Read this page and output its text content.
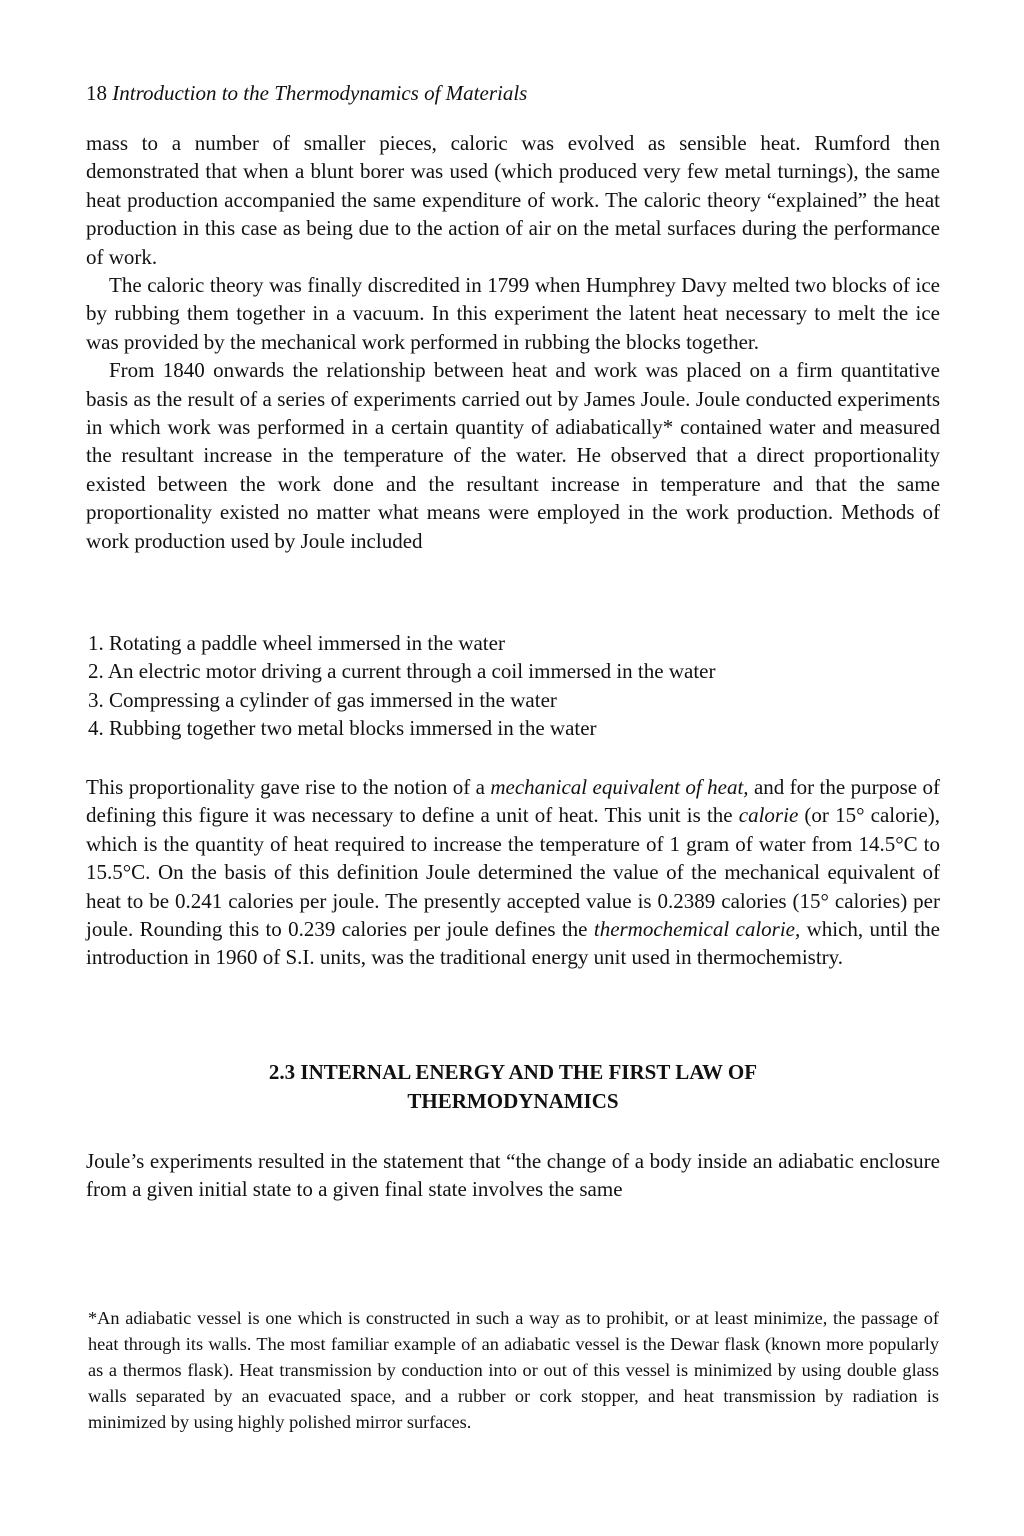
18 Introduction to the Thermodynamics of Materials

mass to a number of smaller pieces, caloric was evolved as sensible heat. Rumford then demonstrated that when a blunt borer was used (which produced very few metal turnings), the same heat production accompanied the same expenditure of work. The caloric theory “explained” the heat production in this case as being due to the action of air on the metal surfaces during the performance of work.

The caloric theory was finally discredited in 1799 when Humphrey Davy melted two blocks of ice by rubbing them together in a vacuum. In this experiment the latent heat necessary to melt the ice was provided by the mechanical work performed in rubbing the blocks together.

From 1840 onwards the relationship between heat and work was placed on a firm quantitative basis as the result of a series of experiments carried out by James Joule. Joule conducted experiments in which work was performed in a certain quantity of adiabatically* contained water and measured the resultant increase in the temperature of the water. He observed that a direct proportionality existed between the work done and the resultant increase in temperature and that the same proportionality existed no matter what means were employed in the work production. Methods of work production used by Joule included

1. Rotating a paddle wheel immersed in the water
2. An electric motor driving a current through a coil immersed in the water
3. Compressing a cylinder of gas immersed in the water
4. Rubbing together two metal blocks immersed in the water

This proportionality gave rise to the notion of a mechanical equivalent of heat, and for the purpose of defining this figure it was necessary to define a unit of heat. This unit is the calorie (or 15° calorie), which is the quantity of heat required to increase the temperature of 1 gram of water from 14.5°C to 15.5°C. On the basis of this definition Joule determined the value of the mechanical equivalent of heat to be 0.241 calories per joule. The presently accepted value is 0.2389 calories (15° calories) per joule. Rounding this to 0.239 calories per joule defines the thermochemical calorie, which, until the introduction in 1960 of S.I. units, was the traditional energy unit used in thermochemistry.

2.3 INTERNAL ENERGY AND THE FIRST LAW OF
THERMODYNAMICS

Joule’s experiments resulted in the statement that “the change of a body inside an adiabatic enclosure from a given initial state to a given final state involves the same

*An adiabatic vessel is one which is constructed in such a way as to prohibit, or at least minimize, the passage of heat through its walls. The most familiar example of an adiabatic vessel is the Dewar flask (known more popularly as a thermos flask). Heat transmission by conduction into or out of this vessel is minimized by using double glass walls separated by an evacuated space, and a rubber or cork stopper, and heat transmission by radiation is minimized by using highly polished mirror surfaces.
